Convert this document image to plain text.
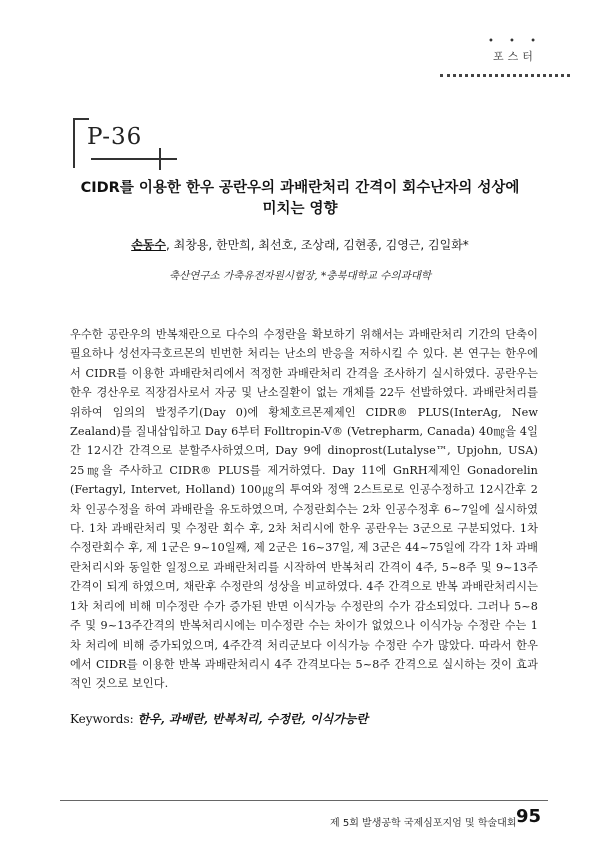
• • •
포스터
P-36
CIDR를 이용한 한우 공란우의 과배란처리 간격이 회수난자의 성상에
미치는 영향
손동수, 최창용, 한만희, 최선호, 조상래, 김현종, 김영근, 김일화*
축산연구소 가축유전자원시험장, *충북대학교 수의과대학
우수한 공란우의 반복채란으로 다수의 수정란을 확보하기 위해서는 과배란처리 기간의 단축이 필요하나 성선자극호르몬의 빈번한 처리는 난소의 반응을 저하시킬 수 있다. 본 연구는 한우에서 CIDR를 이용한 과배란처리에서 적정한 과배란처리 간격을 조사하기 실시하였다. 공란우는 한우 경산우로 직장검사로서 자궁 및 난소질환이 없는 개체를 22두 선발하였다. 과배란처리를 위하여 임의의 발정주기(Day 0)에 황체호르몬제제인 CIDR® PLUS(InterAg, New Zealand)를 질내삽입하고 Day 6부터 Folltropin-V® (Vetrepharm, Canada) 40㎎을 4일간 12시간 간격으로 분할주사하였으며, Day 9에 dinoprost(Lutalyse™, Upjohn, USA) 25㎎을 주사하고 CIDR® PLUS를 제거하였다. Day 11에 GnRH제제인 Gonadorelin (Fertagyl, Intervet, Holland) 100㎍의 투여와 정액 2스트로로 인공수정하고 12시간후 2차 인공수정을 하여 과배란을 유도하였으며, 수정란회수는 2차 인공수정후 6~7일에 실시하였다. 1차 과배란처리 및 수정란 회수 후, 2차 처리시에 한우 공란우는 3군으로 구분되었다. 1차 수정란회수 후, 제 1군은 9~10일째, 제 2군은 16~37일, 제 3군은 44~75일에 각각 1차 과배란처리시와 동일한 일정으로 과배란처리를 시작하여 반복처리 간격이 4주, 5~8주 및 9~13주 간격이 되게 하였으며, 채란후 수정란의 성상을 비교하였다. 4주 간격으로 반복 과배란처리시는 1차 처리에 비해 미수정란 수가 증가된 반면 이식가능 수정란의 수가 감소되었다. 그러나 5~8주 및 9~13주간격의 반복처리시에는 미수정란 수는 차이가 없었으나 이식가능 수정란 수는 1차 처리에 비해 증가되었으며, 4주간격 처리군보다 이식가능 수정란 수가 많았다. 따라서 한우에서 CIDR를 이용한 반복 과배란처리시 4주 간격보다는 5~8주 간격으로 실시하는 것이 효과적인 것으로 보인다.
Keywords: 한우, 과배란, 반복처리, 수정란, 이식가능란
제 5회 발생공학 국제심포지엄 및 학술대회 95
